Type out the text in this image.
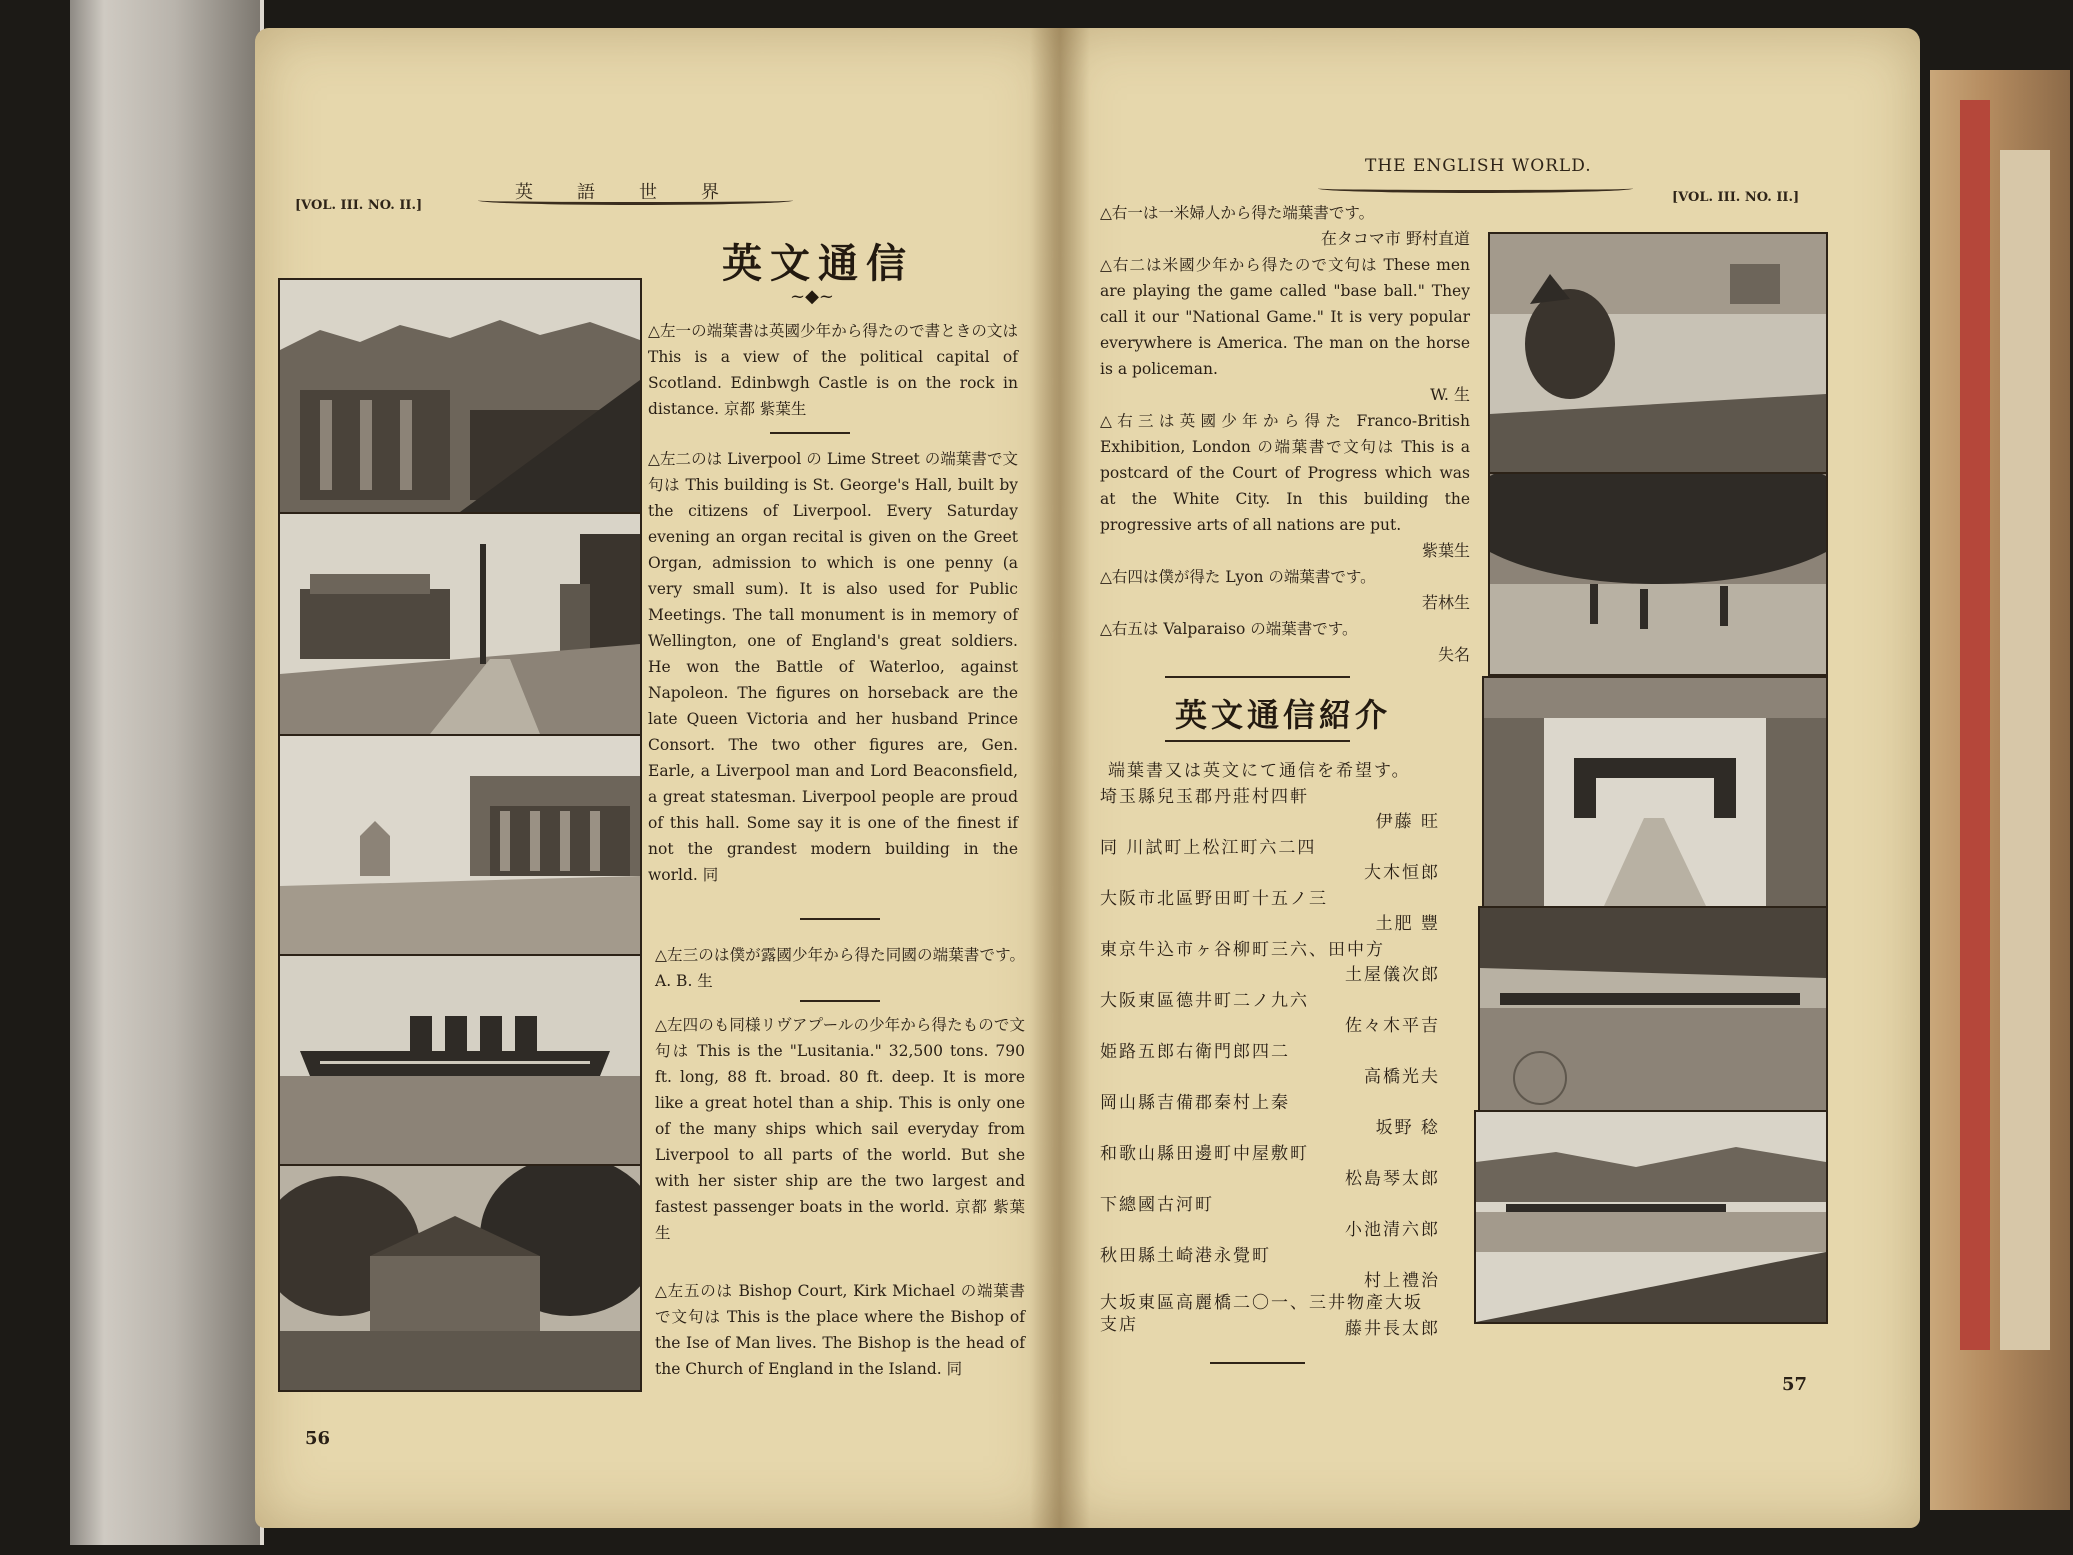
[VOL. III. NO. II.]
英語世界
英文通信
~◆~

△左一の端葉書は英國少年から得たので書ときの文は This is a view of the political capital of Scotland. Edinbwgh Castle is on the rock in distance. 京都 紫葉生

△左二のは Liverpool の Lime Street の端葉書で文句は This building is St. George's Hall, built by the citizens of Liverpool. Every Saturday evening an organ recital is given on the Greet Organ, admission to which is one penny (a very small sum). It is also used for Public Meetings. The tall monument is in memory of Wellington, one of England's great soldiers. He won the Battle of Waterloo, against Napoleon. The figures on horseback are the late Queen Victoria and her husband Prince Consort. The two other figures are, Gen. Earle, a Liverpool man and Lord Beaconsfield, a great statesman. Liverpool people are proud of this hall. Some say it is one of the finest if not the grandest modern building in the world. 同

△左三のは僕が露國少年から得た同國の端葉書です。 A. B. 生

△左四のも同様リヴアプールの少年から得たもので文句は This is the "Lusitania." 32,500 tons. 790 ft. long, 88 ft. broad. 80 ft. deep. It is more like a great hotel than a ship. This is only one of the many ships which sail everyday from Liverpool to all parts of the world. But she with her sister ship are the two largest and fastest passenger boats in the world. 京都 紫葉生

△左五のは Bishop Court, Kirk Michael の端葉書で文句は This is the place where the Bishop of the Ise of Man lives. The Bishop is the head of the Church of England in the Island. 同

56
THE ENGLISH WORLD.
[VOL. III. NO. II.]

△右一は一米婦人から得た端葉書です。

在タコマ市 野村直道

△右二は米國少年から得たので文句は These men are playing the game called "base ball." They call it our "National Game." It is very popular everywhere is America. The man on the horse is a policeman.

W. 生

△右三は英國少年から得た Franco-British Exhibition, London の端葉書で文句は This is a postcard of the Court of Progress which was at the White City. In this building the progressive arts of all nations are put.

紫葉生

△右四は僕が得た Lyon の端葉書です。

若林生

△右五は Valparaiso の端葉書です。

失名

英文通信紹介
端葉書又は英文にて通信を希望す。
埼玉縣兒玉郡丹莊村四軒
伊藤 旺
同 川試町上松江町六二四
大木恒郎
大阪市北區野田町十五ノ三
土肥 豐
東京牛込市ヶ谷柳町三六、田中方
土屋儀次郎
大阪東區德井町二ノ九六
佐々木平吉
姫路五郎右衛門郎四二
高橋光夫
岡山縣吉備郡秦村上秦
坂野 稔
和歌山縣田邊町中屋敷町
松島琴太郎
下總國古河町
小池清六郎
秋田縣土崎港永覺町
村上禮治
大坂東區高麗橋二〇一、三井物產大坂支店	藤井長太郎
57
